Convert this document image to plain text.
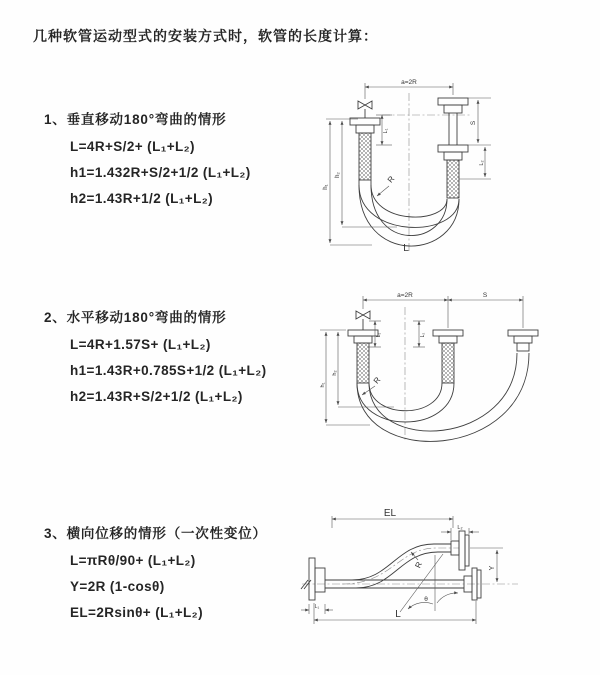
几种软管运动型式的安装方式时，软管的长度计算：
1、垂直移动180°弯曲的情形
L=4R+S/2+ (L₁+L₂)
h1=1.432R+S/2+1/2 (L₁+L₂)
h2=1.43R+1/2 (L₁+L₂)
2、水平移动180°弯曲的情形
L=4R+1.57S+ (L₁+L₂)
h1=1.43R+0.785S+1/2 (L₁+L₂)
h2=1.43R+S/2+1/2 (L₁+L₂)
3、横向位移的情形（一次性变位）
L=πRθ/90+ (L₁+L₂)
Y=2R (1-cosθ)
EL=2Rsinθ+ (L₁+L₂)
a=2R
h₂
h₁
L₁
S
L₂
R
L
a=2R	S
h₂
h₁
L₁	L₂
R
EL
L₂
Y
R
θ
L
L₁
